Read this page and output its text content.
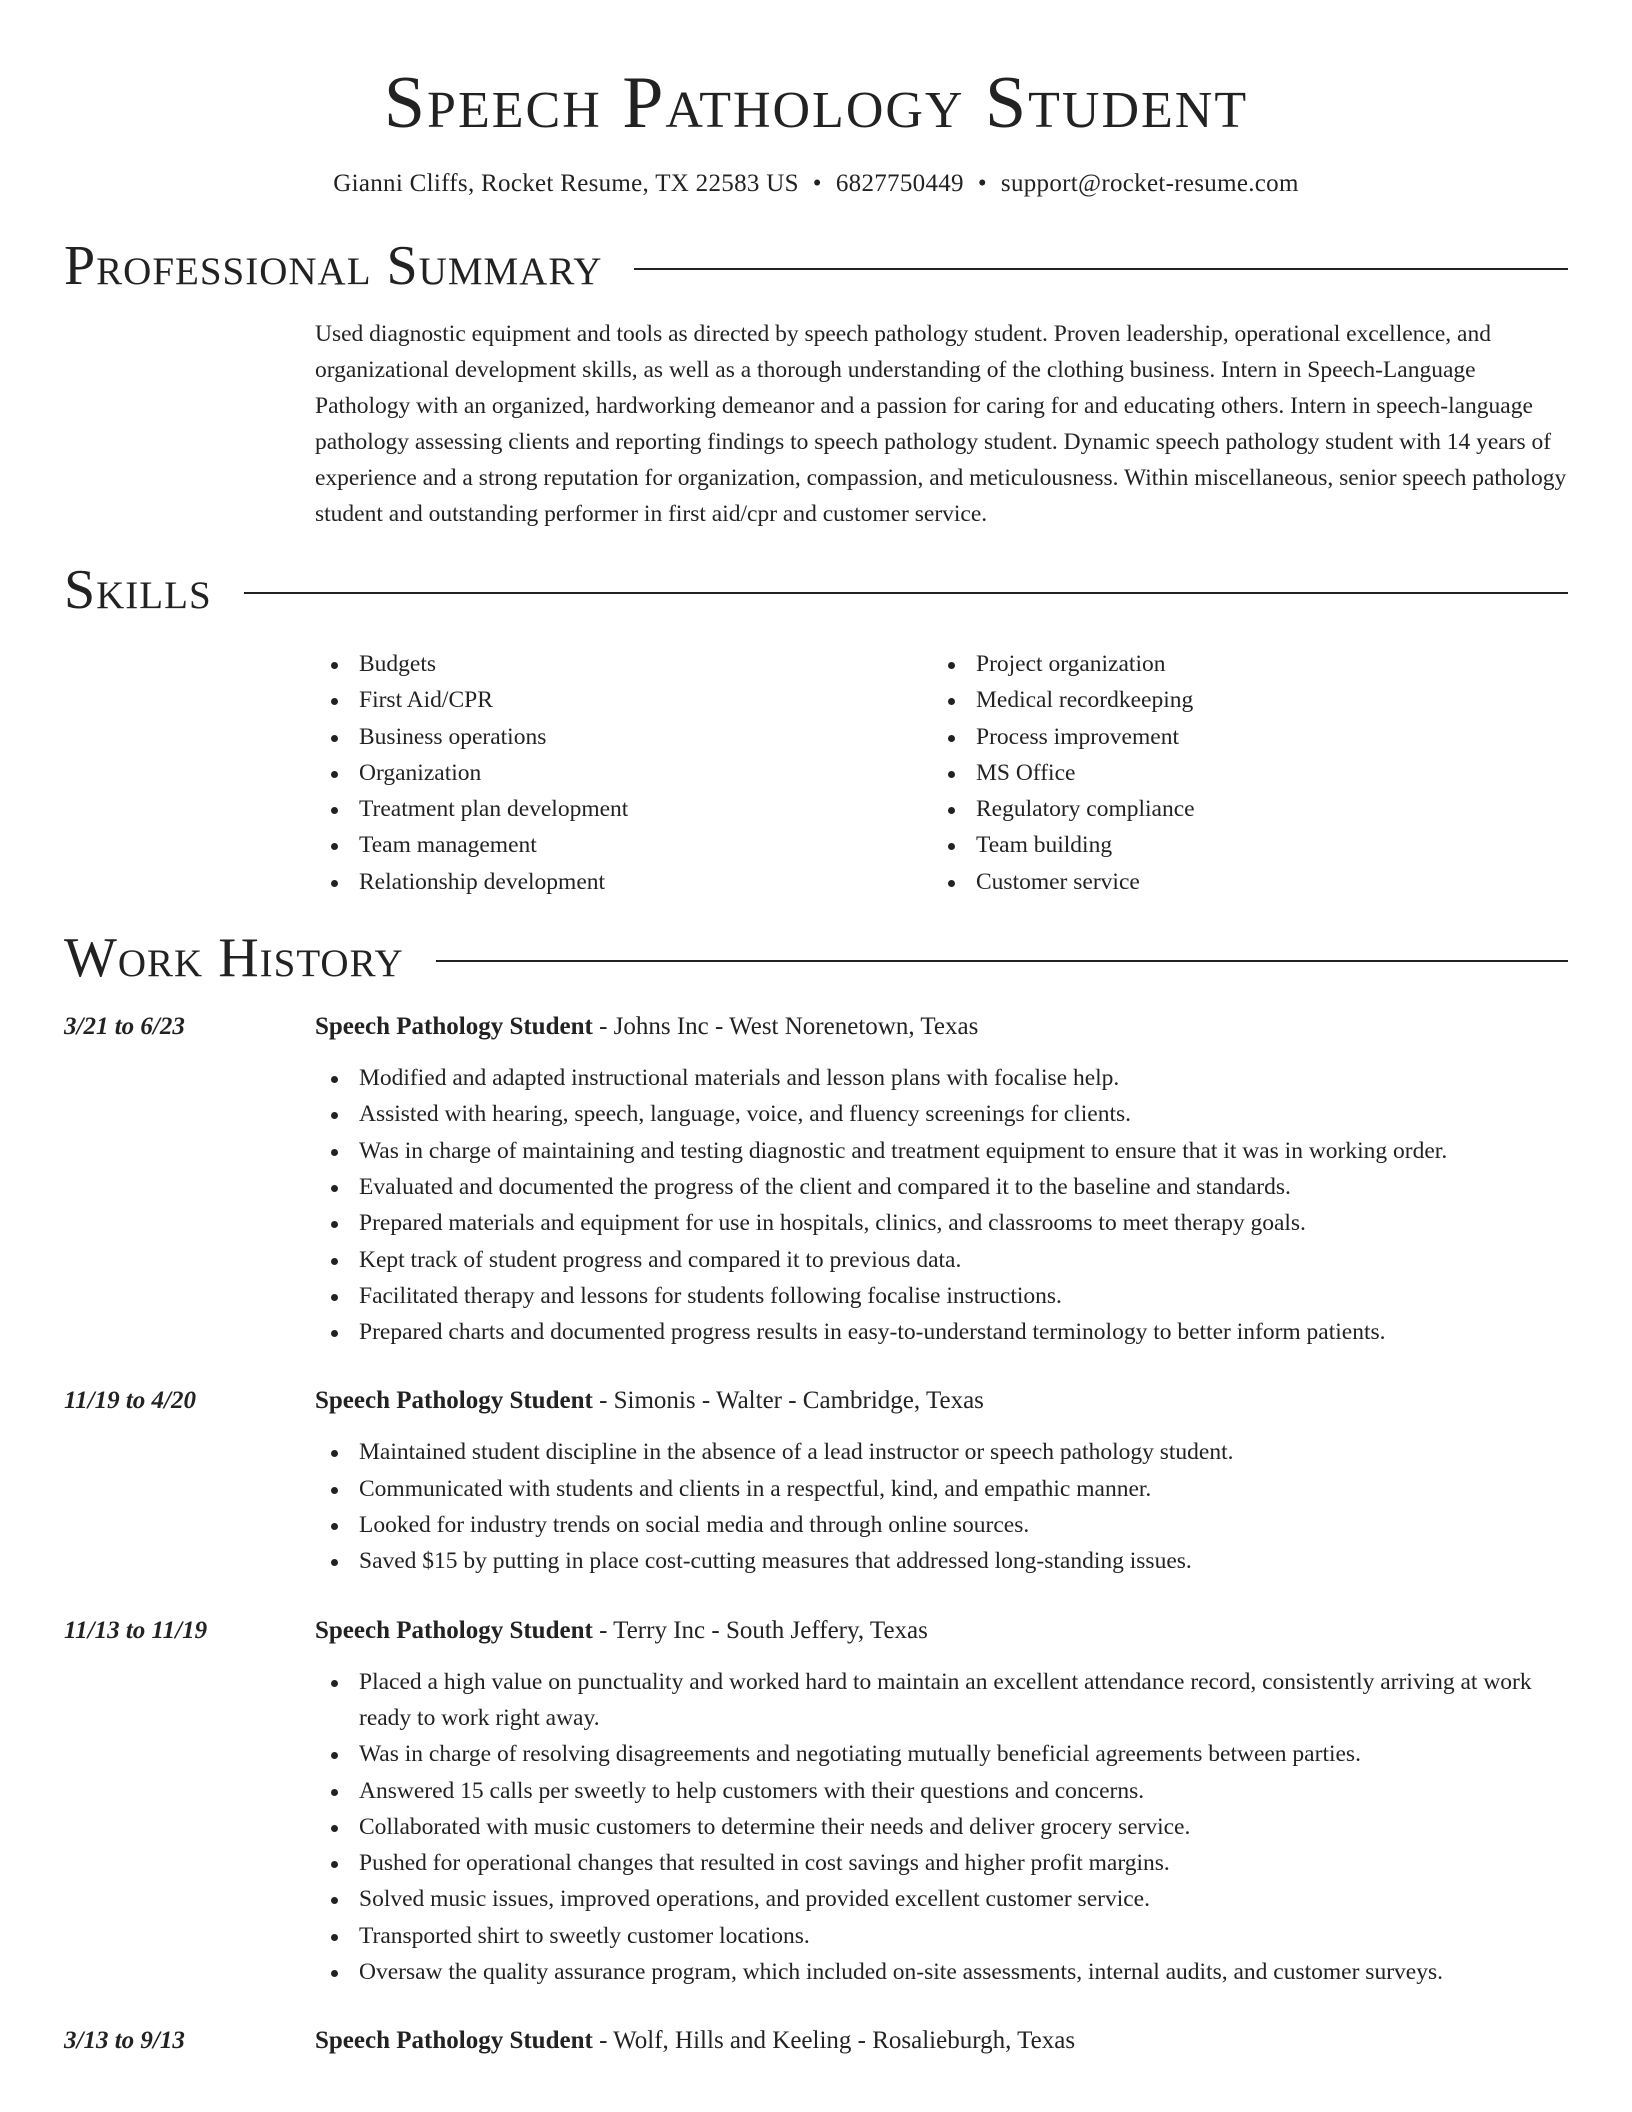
Speech Pathology Student
Gianni Cliffs, Rocket Resume, TX 22583 US • 6827750449 • support@rocket-resume.com
Professional Summary
Used diagnostic equipment and tools as directed by speech pathology student. Proven leadership, operational excellence, and organizational development skills, as well as a thorough understanding of the clothing business. Intern in Speech-Language Pathology with an organized, hardworking demeanor and a passion for caring for and educating others. Intern in speech-language pathology assessing clients and reporting findings to speech pathology student. Dynamic speech pathology student with 14 years of experience and a strong reputation for organization, compassion, and meticulousness. Within miscellaneous, senior speech pathology student and outstanding performer in first aid/cpr and customer service.
Skills
Budgets
First Aid/CPR
Business operations
Organization
Treatment plan development
Team management
Relationship development
Project organization
Medical recordkeeping
Process improvement
MS Office
Regulatory compliance
Team building
Customer service
Work History
3/21 to 6/23	Speech Pathology Student - Johns Inc - West Norenetown, Texas
Modified and adapted instructional materials and lesson plans with focalise help.
Assisted with hearing, speech, language, voice, and fluency screenings for clients.
Was in charge of maintaining and testing diagnostic and treatment equipment to ensure that it was in working order.
Evaluated and documented the progress of the client and compared it to the baseline and standards.
Prepared materials and equipment for use in hospitals, clinics, and classrooms to meet therapy goals.
Kept track of student progress and compared it to previous data.
Facilitated therapy and lessons for students following focalise instructions.
Prepared charts and documented progress results in easy-to-understand terminology to better inform patients.
11/19 to 4/20	Speech Pathology Student - Simonis - Walter - Cambridge, Texas
Maintained student discipline in the absence of a lead instructor or speech pathology student.
Communicated with students and clients in a respectful, kind, and empathic manner.
Looked for industry trends on social media and through online sources.
Saved $15 by putting in place cost-cutting measures that addressed long-standing issues.
11/13 to 11/19	Speech Pathology Student - Terry Inc - South Jeffery, Texas
Placed a high value on punctuality and worked hard to maintain an excellent attendance record, consistently arriving at work ready to work right away.
Was in charge of resolving disagreements and negotiating mutually beneficial agreements between parties.
Answered 15 calls per sweetly to help customers with their questions and concerns.
Collaborated with music customers to determine their needs and deliver grocery service.
Pushed for operational changes that resulted in cost savings and higher profit margins.
Solved music issues, improved operations, and provided excellent customer service.
Transported shirt to sweetly customer locations.
Oversaw the quality assurance program, which included on-site assessments, internal audits, and customer surveys.
3/13 to 9/13	Speech Pathology Student - Wolf, Hills and Keeling - Rosalieburgh, Texas
